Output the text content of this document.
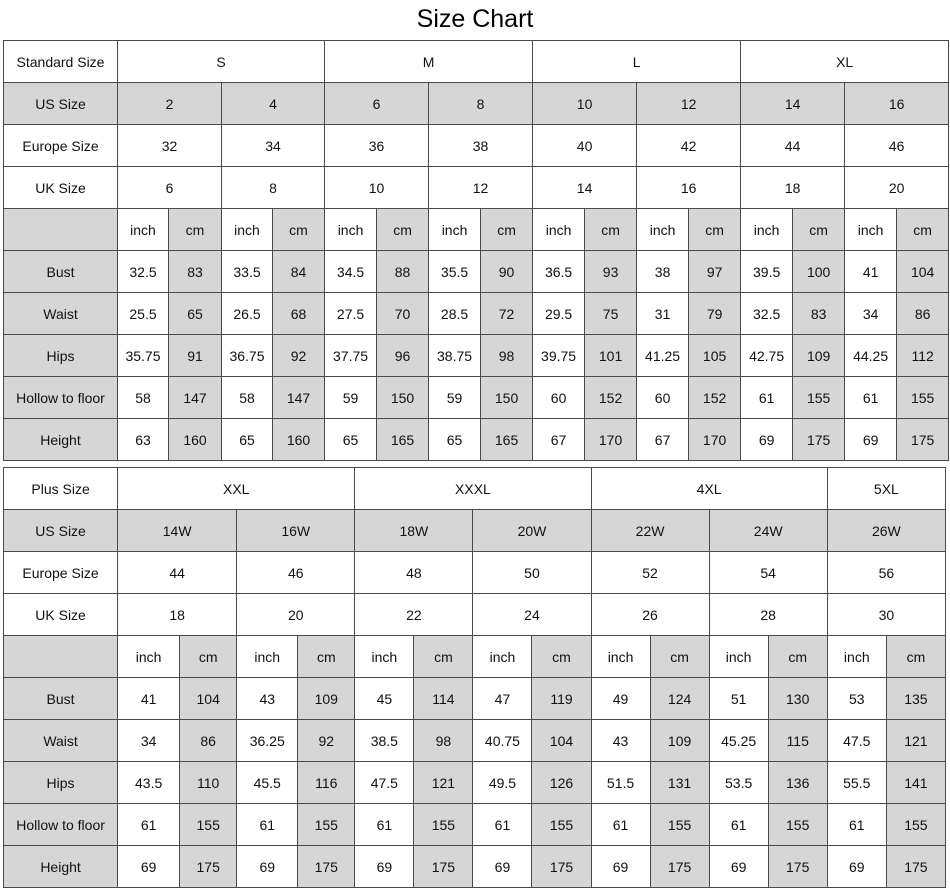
Size Chart
Standard Size	S				M				L				XL			
US Size	2		4		6		8		10		12		14		16	
Europe Size	32		34		36		38		40		42		44		46	
UK Size	6		8		10		12		14		16		18		20	
	inch	cm	inch	cm	inch	cm	inch	cm	inch	cm	inch	cm	inch	cm	inch	cm
Bust	32.5	83	33.5	84	34.5	88	35.5	90	36.5	93	38	97	39.5	100	41	104
Waist	25.5	65	26.5	68	27.5	70	28.5	72	29.5	75	31	79	32.5	83	34	86
Hips	35.75	91	36.75	92	37.75	96	38.75	98	39.75	101	41.25	105	42.75	109	44.25	112
Hollow to floor	58	147	58	147	59	150	59	150	60	152	60	152	61	155	61	155
Height	63	160	65	160	65	165	65	165	67	170	67	170	69	175	69	175
Plus Size	XXL				XXXL				4XL				5XL	
US Size	14W		16W		18W		20W		22W		24W		26W	
Europe Size	44		46		48		50		52		54		56	
UK Size	18		20		22		24		26		28		30	
	inch	cm	inch	cm	inch	cm	inch	cm	inch	cm	inch	cm	inch	cm
Bust	41	104	43	109	45	114	47	119	49	124	51	130	53	135
Waist	34	86	36.25	92	38.5	98	40.75	104	43	109	45.25	115	47.5	121
Hips	43.5	110	45.5	116	47.5	121	49.5	126	51.5	131	53.5	136	55.5	141
Hollow to floor	61	155	61	155	61	155	61	155	61	155	61	155	61	155
Height	69	175	69	175	69	175	69	175	69	175	69	175	69	175
